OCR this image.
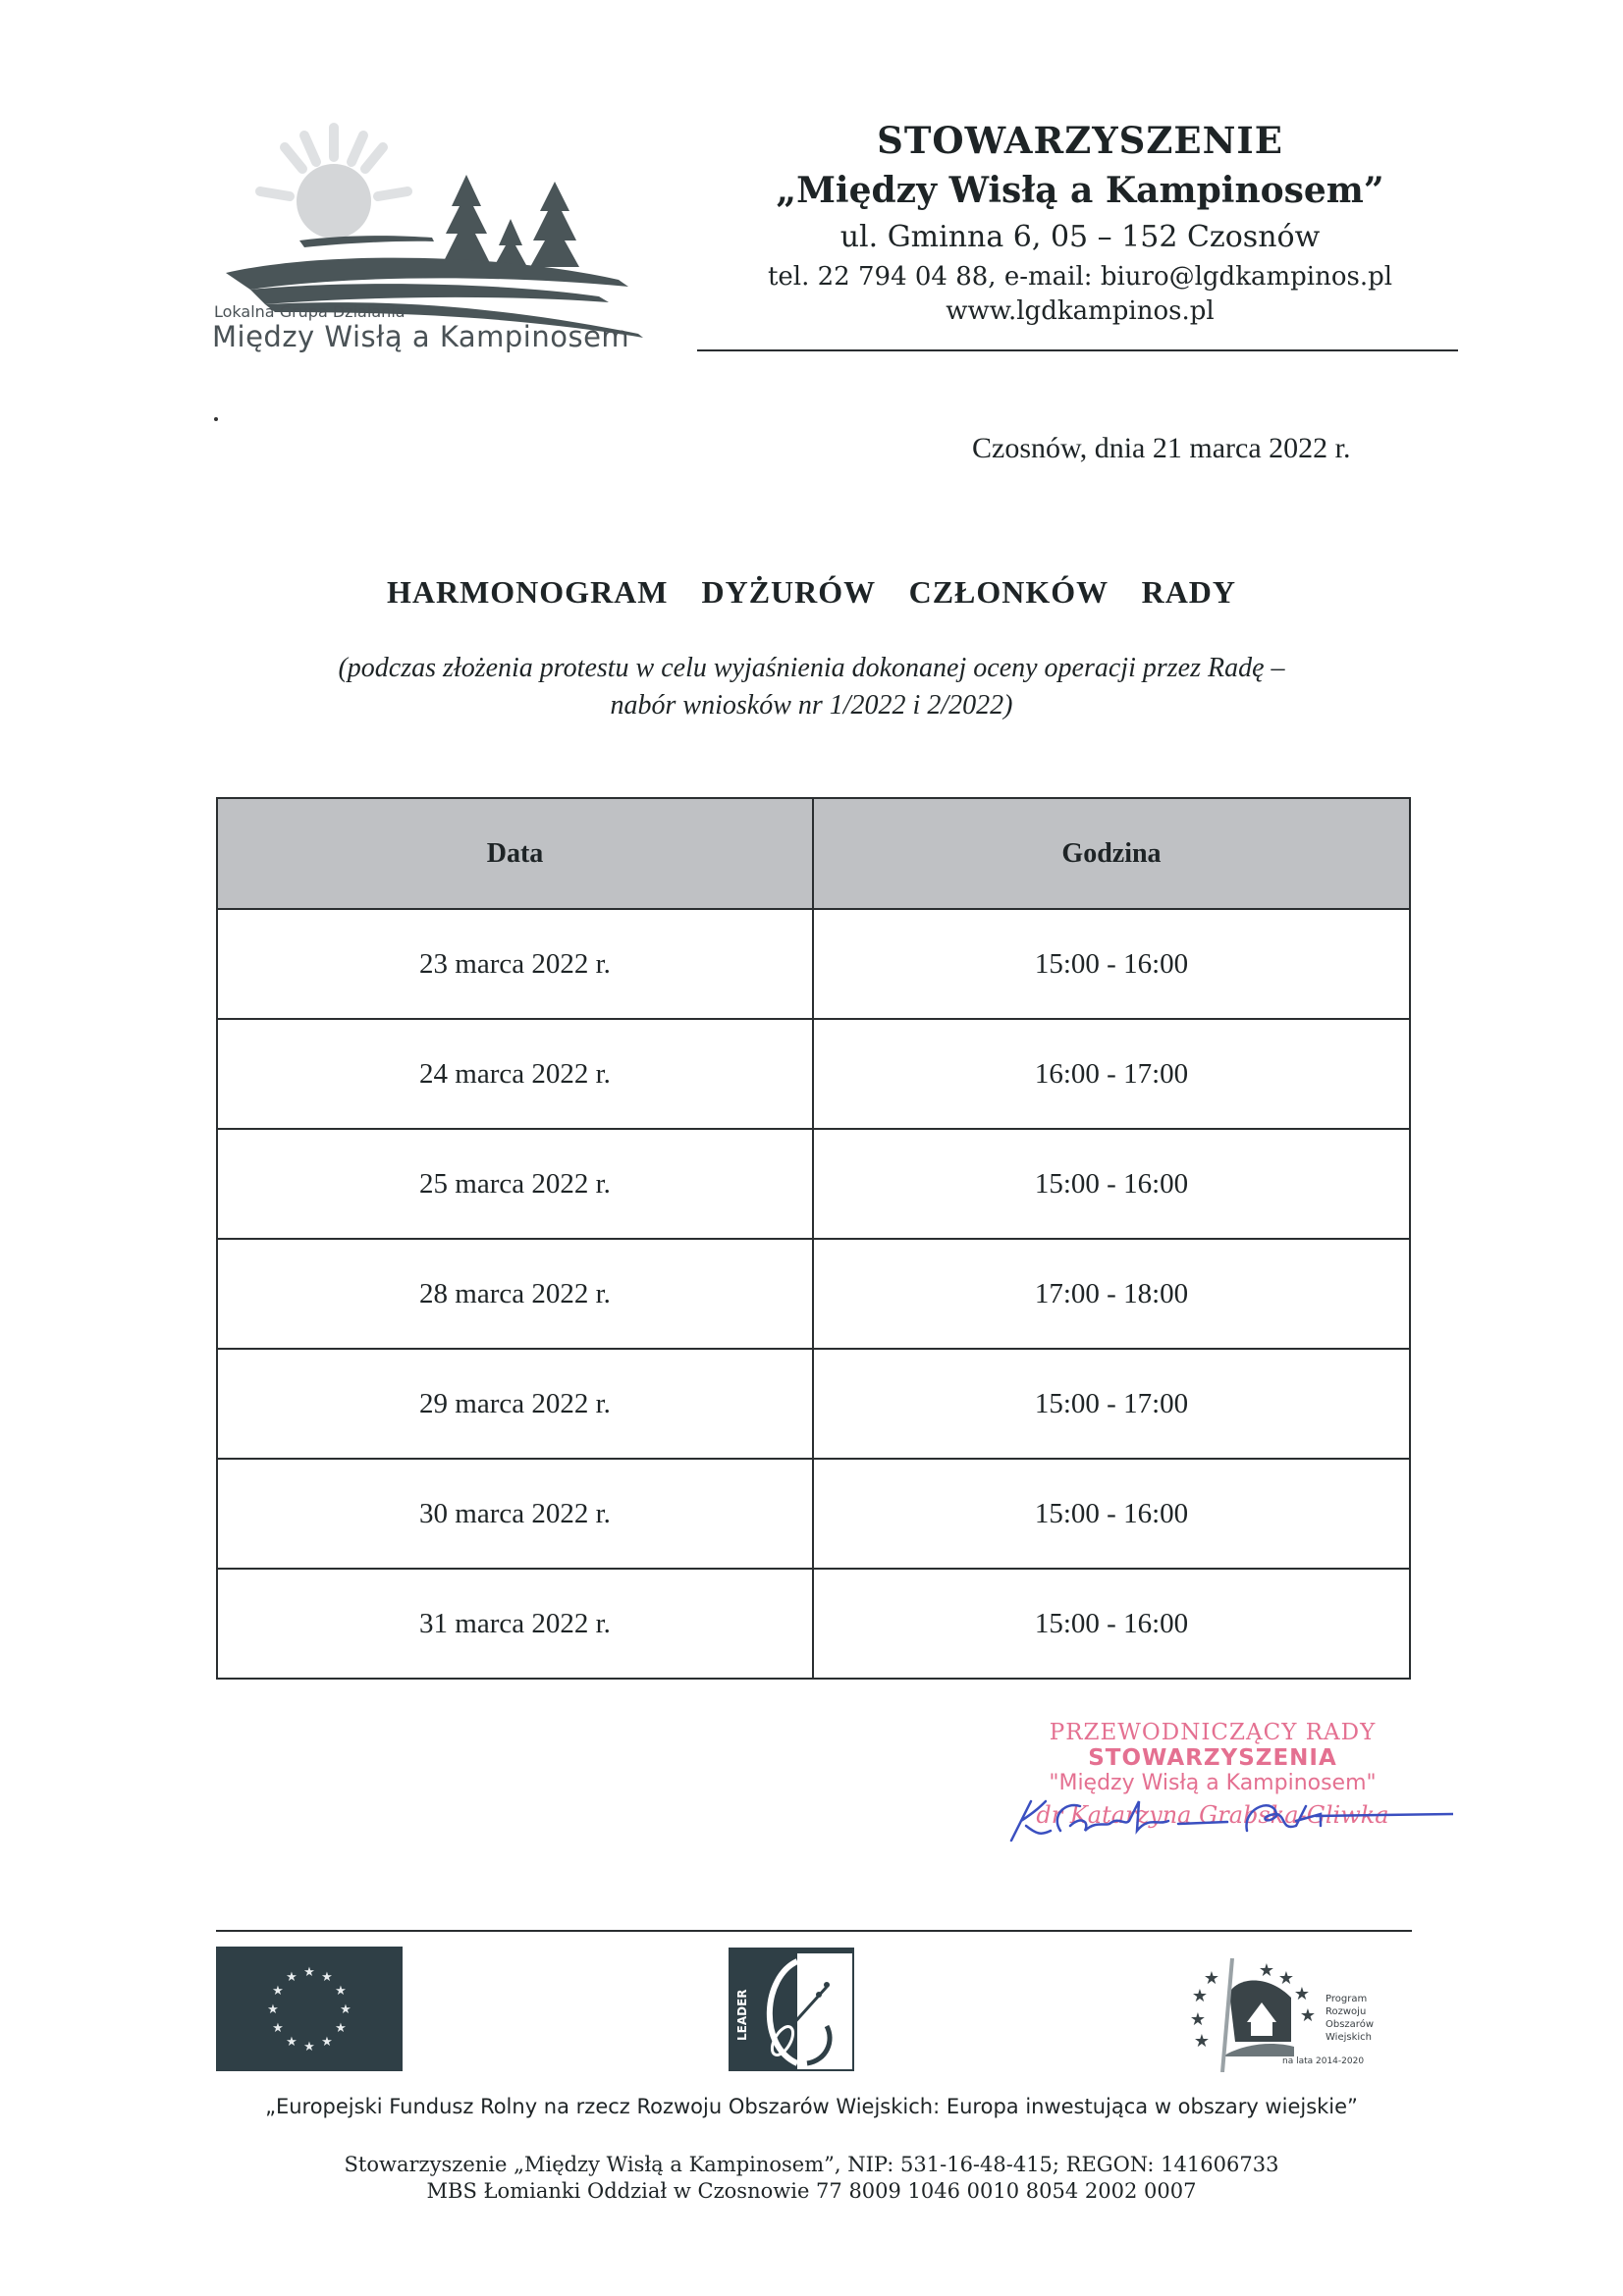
Lokalna Grupa Działania
Między Wisłą a Kampinosem
STOWARZYSZENIE
„Między Wisłą a Kampinosem”
ul. Gminna 6, 05 – 152 Czosnów
tel. 22 794 04 88, e-mail: biuro@lgdkampinos.pl
www.lgdkampinos.pl
Czosnów, dnia 21 marca 2022 r.
HARMONOGRAM  DYŻURÓW  CZŁONKÓW  RADY
(podczas złożenia protestu w celu wyjaśnienia dokonanej oceny operacji przez Radę –
nabór wniosków nr 1/2022 i 2/2022)
Data	Godzina
23 marca 2022 r.	15:00 - 16:00
24 marca 2022 r.	16:00 - 17:00
25 marca 2022 r.	15:00 - 16:00
28 marca 2022 r.	17:00 - 18:00
29 marca 2022 r.	15:00 - 17:00
30 marca 2022 r.	15:00 - 16:00
31 marca 2022 r.	15:00 - 16:00
PRZEWODNICZĄCY RADY
STOWARZYSZENIA
"Między Wisłą a Kampinosem"
dr Katarzyna Grabska-Gliwka
★ ★
★
★
★
★
★
★
★
★
★
★
LEADER
★ ★
★
★
★
★
★
★
Program
Rozwoju
Obszarów
Wiejskich
na lata 2014-2020
„Europejski Fundusz Rolny na rzecz Rozwoju Obszarów Wiejskich: Europa inwestująca w obszary wiejskie”
Stowarzyszenie „Między Wisłą a Kampinosem”, NIP: 531-16-48-415; REGON: 141606733
MBS Łomianki Oddział w Czosnowie 77 8009 1046 0010 8054 2002 0007
